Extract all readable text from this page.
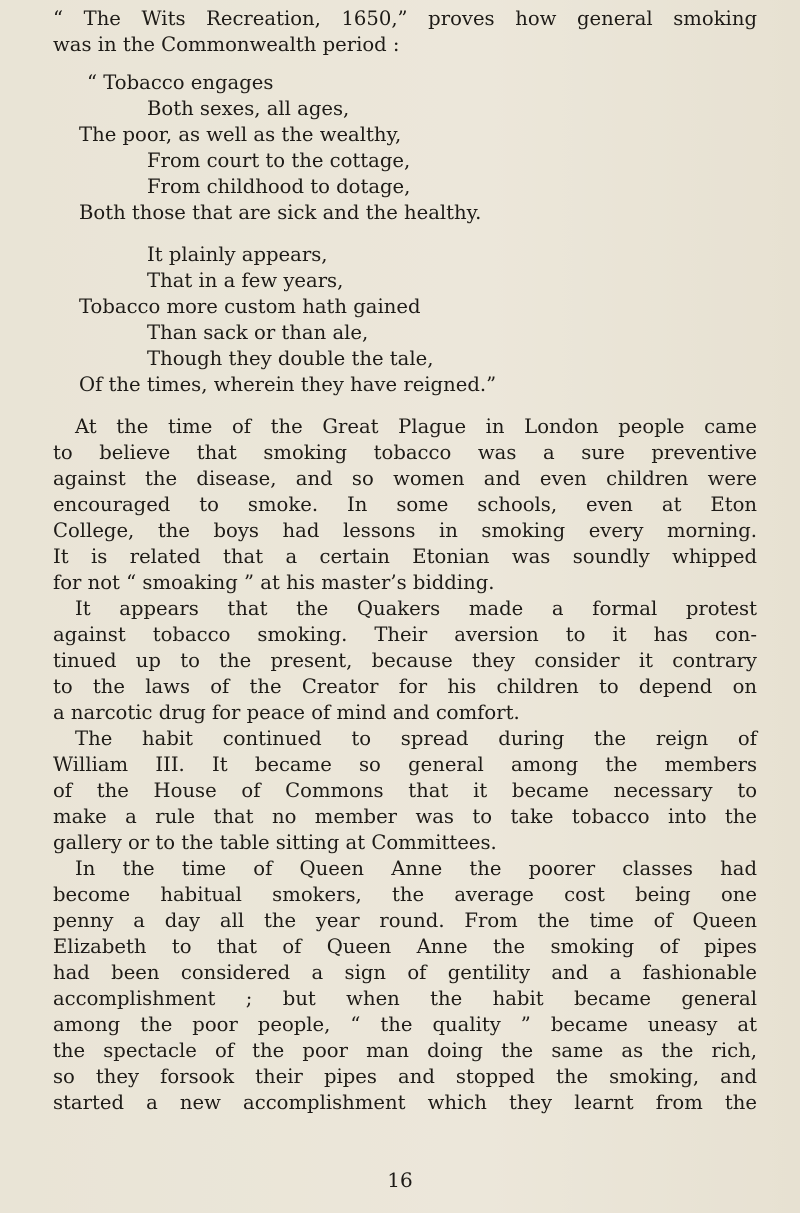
“ The Wits Recreation, 1650,” proves how general smoking
was in the Commonwealth period :
“ Tobacco engages
Both sexes, all ages,
The poor, as well as the wealthy,
From court to the cottage,
From childhood to dotage,
Both those that are sick and the healthy.
It plainly appears,
That in a few years,
Tobacco more custom hath gained
Than sack or than ale,
Though they double the tale,
Of the times, wherein they have reigned.”
At the time of the Great Plague in London people came
to believe that smoking tobacco was a sure preventive
against the disease, and so women and even children were
encouraged to smoke. In some schools, even at Eton
College, the boys had lessons in smoking every morning.
It is related that a certain Etonian was soundly whipped
for not “ smoaking ” at his master’s bidding.
It appears that the Quakers made a formal protest
against tobacco smoking. Their aversion to it has con-
tinued up to the present, because they consider it contrary
to the laws of the Creator for his children to depend on
a narcotic drug for peace of mind and comfort.
The habit continued to spread during the reign of
William III. It became so general among the members
of the House of Commons that it became necessary to
make a rule that no member was to take tobacco into the
gallery or to the table sitting at Committees.
In the time of Queen Anne the poorer classes had
become habitual smokers, the average cost being one
penny a day all the year round. From the time of Queen
Elizabeth to that of Queen Anne the smoking of pipes
had been considered a sign of gentility and a fashionable
accomplishment ; but when the habit became general
among the poor people, “ the quality ” became uneasy at
the spectacle of the poor man doing the same as the rich,
so they forsook their pipes and stopped the smoking, and
started a new accomplishment which they learnt from the
16
